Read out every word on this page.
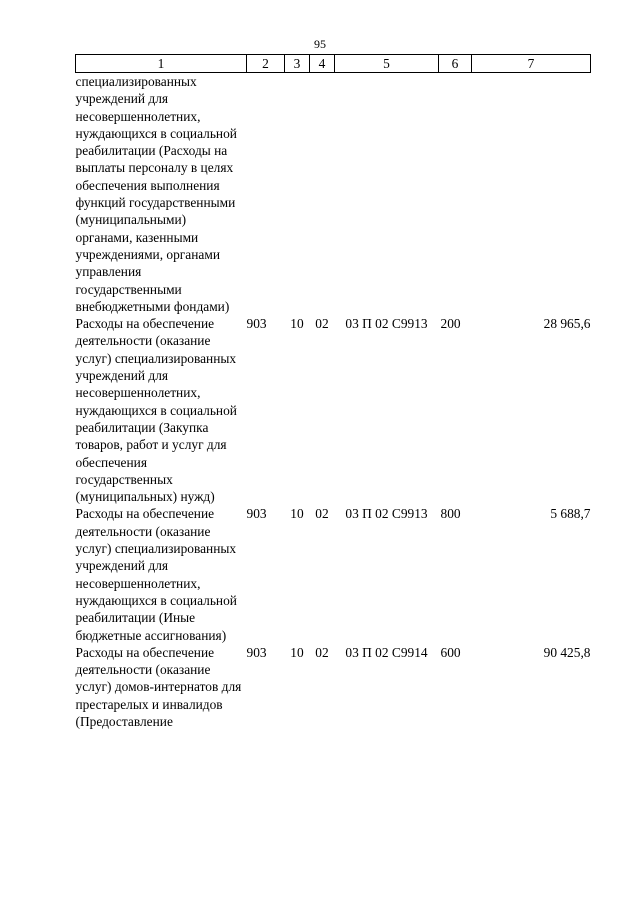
95
1	2	3	4	5	6	7
специализированных учреждений для несовершеннолетних, нуждающихся в социальной реабилитации (Расходы на выплаты персоналу в целях обеспечения выполнения функций государственными (муниципальными) органами, казенными учреждениями, органами управления государственными внебюджетными фондами)						
Расходы на обеспечение деятельности (оказание услуг) специализированных учреждений для несовершеннолетних, нуждающихся в социальной реабилитации (Закупка товаров, работ и услуг для обеспечения государственных (муниципальных) нужд)	903	10	02	03 П 02 С9913	200	28 965,6
Расходы на обеспечение деятельности (оказание услуг) специализированных учреждений для несовершеннолетних, нуждающихся в социальной реабилитации (Иные бюджетные ассигнования)	903	10	02	03 П 02 С9913	800	5 688,7
Расходы на обеспечение деятельности (оказание услуг) домов-интернатов для престарелых и инвалидов (Предоставление	903	10	02	03 П 02 С9914	600	90 425,8
